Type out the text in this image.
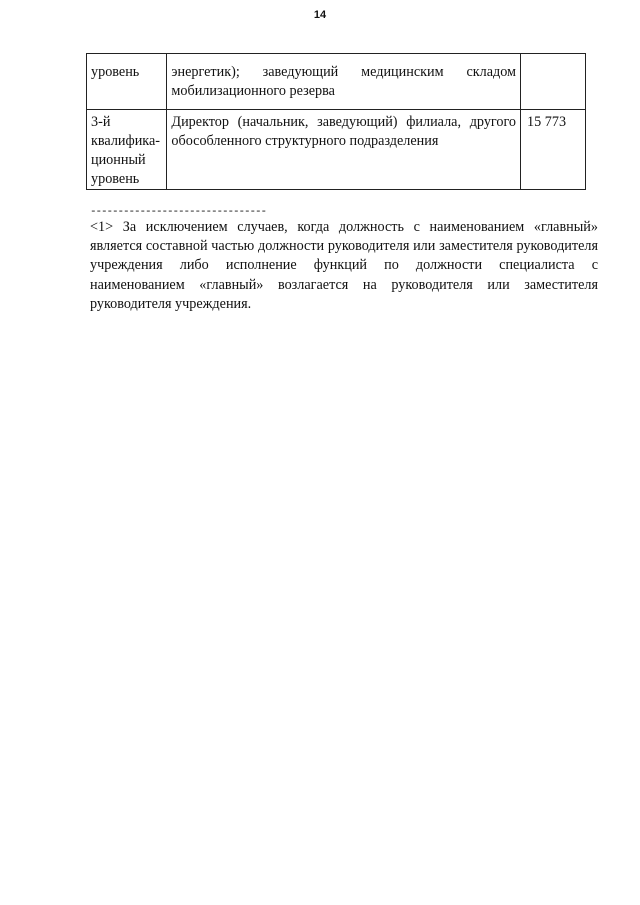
14
уровень	энергетик); заведующий медицинским складом мобилизационного резерва	
3-й квалифика-ционный уровень	Директор (начальник, заведующий) филиала, другого обособленного структурного подразделения	15 773
--------------------------------

<1> За исключением случаев, когда должность с наименованием «главный» является составной частью должности руководителя или заместителя руководителя учреждения либо исполнение функций по должности специалиста с наименованием «главный» возлагается на руководителя или заместителя руководителя учреждения.
